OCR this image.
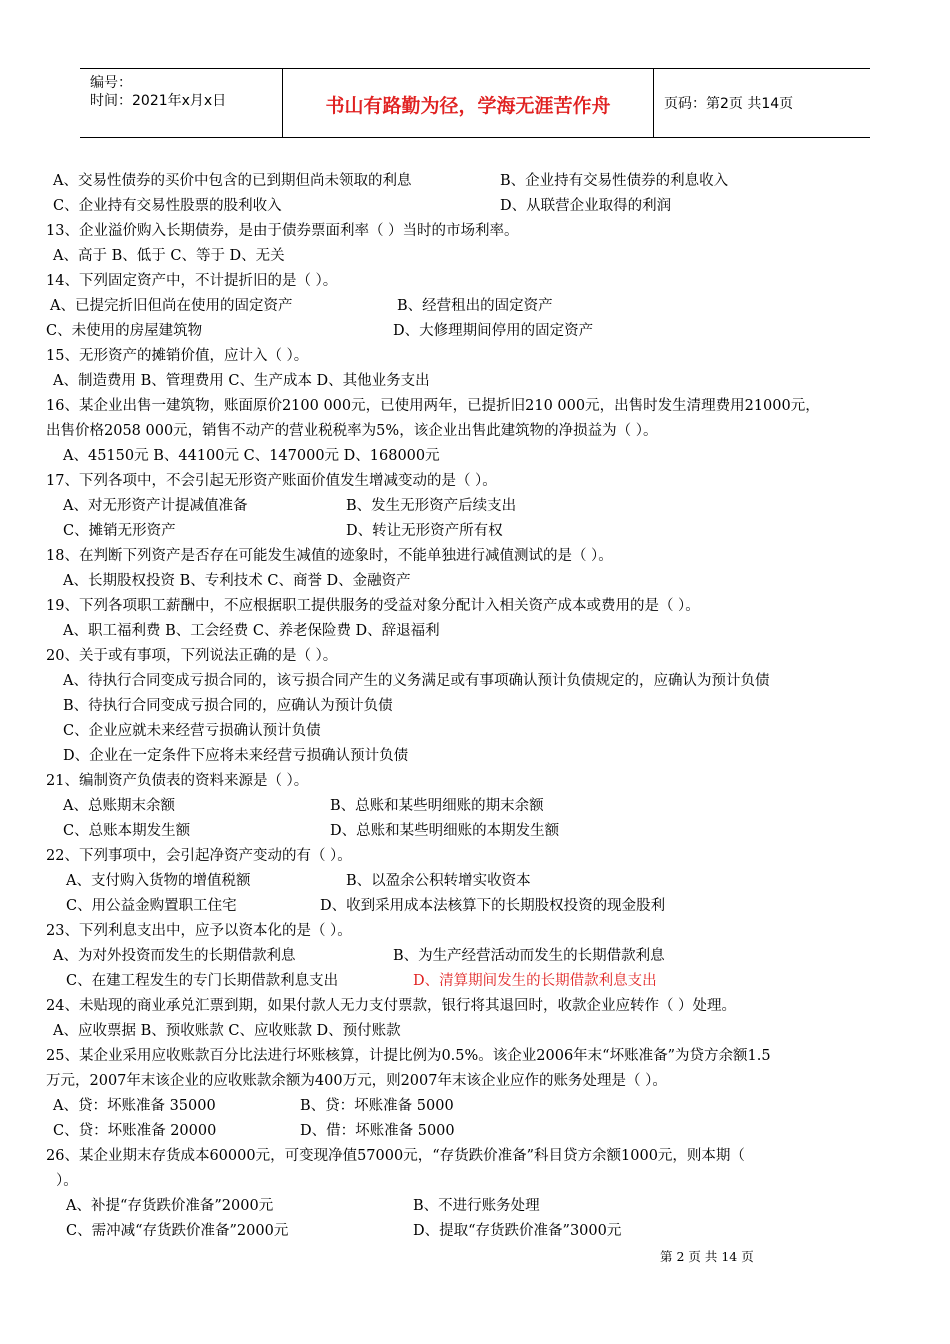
编号：
时间：2021年x月x日	书山有路勤为径，学海无涯苦作舟	页码：第2页 共14页
A、交易性债券的买价中包含的已到期但尚未领取的利息	B、企业持有交易性债券的利息收入
C、企业持有交易性股票的股利收入	D、从联营企业取得的利润
13、企业溢价购入长期债券，是由于债券票面利率（ ）当时的市场利率。
A、高于 B、低于 C、等于 D、无关
14、下列固定资产中，不计提折旧的是（ ）。
A、已提完折旧但尚在使用的固定资产	B、经营租出的固定资产
C、未使用的房屋建筑物	D、大修理期间停用的固定资产
15、无形资产的摊销价值，应计入（ ）。
A、制造费用 B、管理费用 C、生产成本 D、其他业务支出
16、某企业出售一建筑物，账面原价2100 000元，已使用两年，已提折旧210 000元，出售时发生清理费用21000元，
出售价格2058 000元，销售不动产的营业税税率为5%，该企业出售此建筑物的净损益为（ ）。
A、45150元 B、44100元 C、147000元 D、168000元
17、下列各项中，不会引起无形资产账面价值发生增减变动的是（ ）。
A、对无形资产计提减值准备	B、发生无形资产后续支出
C、摊销无形资产	D、转让无形资产所有权
18、在判断下列资产是否存在可能发生减值的迹象时，不能单独进行减值测试的是（ ）。
A、长期股权投资 B、专利技术 C、商誉 D、金融资产
19、下列各项职工薪酬中，不应根据职工提供服务的受益对象分配计入相关资产成本或费用的是（ ）。
A、职工福利费 B、工会经费 C、养老保险费 D、辞退福利
20、关于或有事项，下列说法正确的是（ ）。
A、待执行合同变成亏损合同的，该亏损合同产生的义务满足或有事项确认预计负债规定的，应确认为预计负债
B、待执行合同变成亏损合同的，应确认为预计负债
C、企业应就未来经营亏损确认预计负债
D、企业在一定条件下应将未来经营亏损确认预计负债
21、编制资产负债表的资料来源是（ ）。
A、总账期末余额	B、总账和某些明细账的期末余额
C、总账本期发生额	D、总账和某些明细账的本期发生额
22、下列事项中，会引起净资产变动的有（ ）。
A、支付购入货物的增值税额	B、以盈余公积转增实收资本
C、用公益金购置职工住宅	D、收到采用成本法核算下的长期股权投资的现金股利
23、下列利息支出中，应予以资本化的是（ ）。
A、为对外投资而发生的长期借款利息	B、为生产经营活动而发生的长期借款利息
C、在建工程发生的专门长期借款利息支出	D、清算期间发生的长期借款利息支出
24、未贴现的商业承兑汇票到期，如果付款人无力支付票款，银行将其退回时，收款企业应转作（ ）处理。
A、应收票据 B、预收账款 C、应收账款 D、预付账款
25、某企业采用应收账款百分比法进行坏账核算，计提比例为0.5%。该企业2006年末“坏账准备”为贷方余额1.5
万元，2007年末该企业的应收账款余额为400万元，则2007年末该企业应作的账务处理是（ ）。
A、贷：坏账准备 35000	B、贷：坏账准备 5000
C、贷：坏账准备 20000	D、借：坏账准备 5000
26、某企业期末存货成本60000元，可变现净值57000元，“存货跌价准备”科目贷方余额1000元，则本期（
）。
A、补提“存货跌价准备”2000元	B、不进行账务处理
C、需冲减“存货跌价准备”2000元	D、提取“存货跌价准备”3000元
第 2 页 共 14 页
